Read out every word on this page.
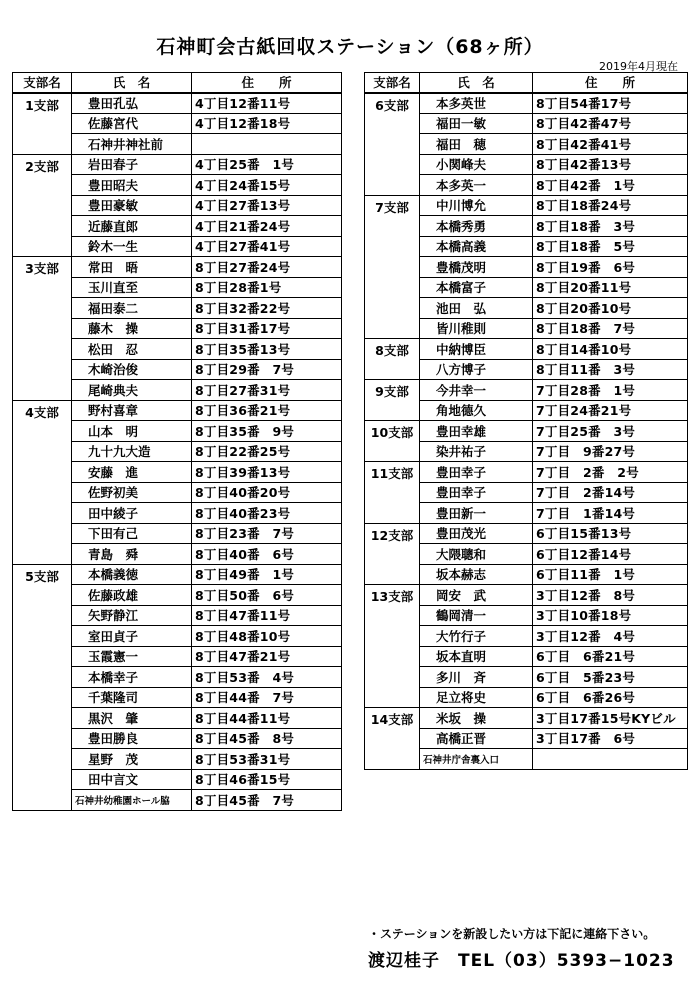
石神町会古紙回収ステーション（68ヶ所）
2019年4月現在
支部名	氏　名	住　　所
1支部	豊田孔弘	4丁目12番11号
	佐藤宮代	4丁目12番18号
	石神井神社前	
2支部	岩田春子	4丁目25番　1号
	豊田昭夫	4丁目24番15号
	豊田豪敏	4丁目27番13号
	近藤直郎	4丁目21番24号
	鈴木一生	4丁目27番41号
3支部	常田　晤	8丁目27番24号
	玉川直至	8丁目28番1号
	福田泰二	8丁目32番22号
	藤木　操	8丁目31番17号
	松田　忍	8丁目35番13号
	木崎治俊	8丁目29番　7号
	尾崎典夫	8丁目27番31号
4支部	野村喜章	8丁目36番21号
	山本　明	8丁目35番　9号
	九十九大造	8丁目22番25号
	安藤　進	8丁目39番13号
	佐野初美	8丁目40番20号
	田中綾子	8丁目40番23号
	下田有己	8丁目23番　7号
	青島　舜	8丁目40番　6号
5支部	本橋義徳	8丁目49番　1号
	佐藤政雄	8丁目50番　6号
	矢野静江	8丁目47番11号
	室田貞子	8丁目48番10号
	玉霞憲一	8丁目47番21号
	本橋幸子	8丁目53番　4号
	千葉隆司	8丁目44番　7号
	黒沢　肇	8丁目44番11号
	豊田勝良	8丁目45番　8号
	星野　茂	8丁目53番31号
	田中言文	8丁目46番15号
	石神井幼稚園ホール脇	8丁目45番　7号
支部名	氏　名	住　　所
6支部	本多英世	8丁目54番17号
	福田一敏	8丁目42番47号
	福田　穂	8丁目42番41号
	小関峰夫	8丁目42番13号
	本多英一	8丁目42番　1号
7支部	中川博允	8丁目18番24号
	本橋秀勇	8丁目18番　3号
	本橋高義	8丁目18番　5号
	豊橋茂明	8丁目19番　6号
	本橋富子	8丁目20番11号
	池田　弘	8丁目20番10号
	皆川稚則	8丁目18番　7号
8支部	中納博臣	8丁目14番10号
	八方博子	8丁目11番　3号
9支部	今井幸一	7丁目28番　1号
	角地德久	7丁目24番21号
10支部	豊田幸雄	7丁目25番　3号
	染井祐子	7丁目　9番27号
11支部	豊田幸子	7丁目　2番　2号
	豊田幸子	7丁目　2番14号
	豊田新一	7丁目　1番14号
12支部	豊田茂光	6丁目15番13号
	大隈聰和	6丁目12番14号
	坂本赫志	6丁目11番　1号
13支部	岡安　武	3丁目12番　8号
	鶴岡清一	3丁目10番18号
	大竹行子	3丁目12番　4号
	坂本直明	6丁目　6番21号
	多川　斉	6丁目　5番23号
	足立将史	6丁目　6番26号
14支部	米坂　操	3丁目17番15号KYビル
	高橋正晋	3丁目17番　6号
	石神井庁舎裏入口	
・ステーションを新設したい方は下記に連絡下さい。
渡辺桂子　TEL（03）5393−1023
